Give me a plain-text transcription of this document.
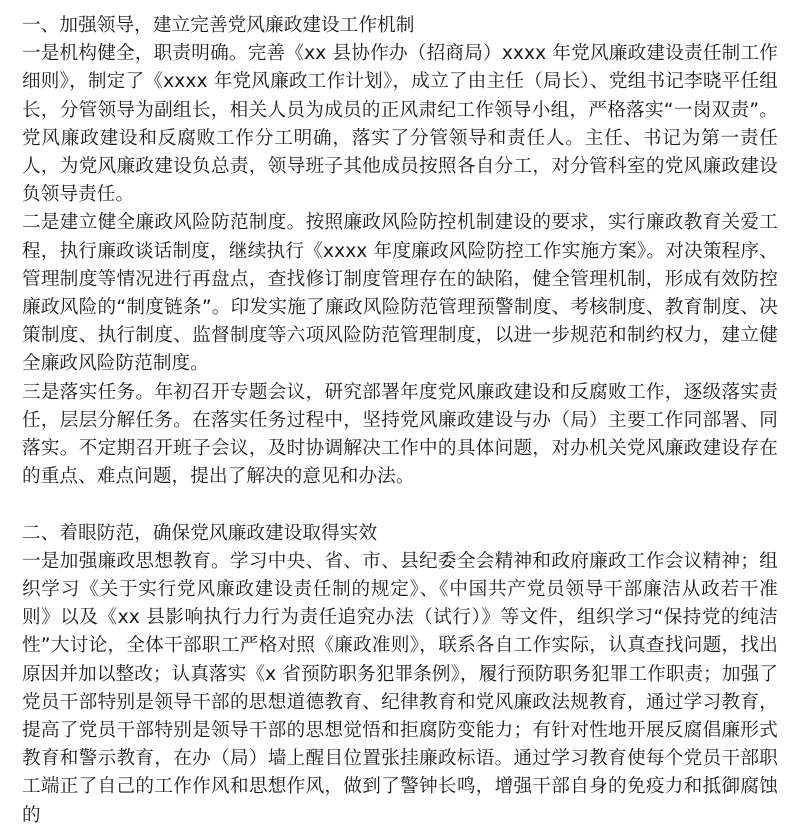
一、加强领导，建立完善党风廉政建设工作机制

一是机构健全，职责明确。完善《xx 县协作办（招商局）xxxx 年党风廉政建设责任制工作细则》，制定了《xxxx 年党风廉政工作计划》，成立了由主任（局长）、党组书记李晓平任组长，分管领导为副组长，相关人员为成员的正风肃纪工作领导小组，严格落实“一岗双责”。党风廉政建设和反腐败工作分工明确，落实了分管领导和责任人。主任、书记为第一责任人，为党风廉政建设负总责，领导班子其他成员按照各自分工，对分管科室的党风廉政建设负领导责任。

二是建立健全廉政风险防范制度。按照廉政风险防控机制建设的要求，实行廉政教育关爱工程，执行廉政谈话制度，继续执行《xxxx 年度廉政风险防控工作实施方案》。对决策程序、管理制度等情况进行再盘点，查找修订制度管理存在的缺陷，健全管理机制，形成有效防控廉政风险的“制度链条”。印发实施了廉政风险防范管理预警制度、考核制度、教育制度、决策制度、执行制度、监督制度等六项风险防范管理制度，以进一步规范和制约权力，建立健全廉政风险防范制度。

三是落实任务。年初召开专题会议，研究部署年度党风廉政建设和反腐败工作，逐级落实责任，层层分解任务。在落实任务过程中，坚持党风廉政建设与办（局）主要工作同部署、同落实。不定期召开班子会议，及时协调解决工作中的具体问题，对办机关党风廉政建设存在的重点、难点问题，提出了解决的意见和办法。

二、着眼防范，确保党风廉政建设取得实效

一是加强廉政思想教育。学习中央、省、市、县纪委全会精神和政府廉政工作会议精神；组织学习《关于实行党风廉政建设责任制的规定》、《中国共产党员领导干部廉洁从政若干准则》以及《xx 县影响执行力行为责任追究办法（试行）》等文件，组织学习“保持党的纯洁性”大讨论，全体干部职工严格对照《廉政准则》，联系各自工作实际，认真查找问题，找出原因并加以整改；认真落实《x 省预防职务犯罪条例》，履行预防职务犯罪工作职责；加强了党员干部特别是领导干部的思想道德教育、纪律教育和党风廉政法规教育，通过学习教育，提高了党员干部特别是领导干部的思想觉悟和拒腐防变能力；有针对性地开展反腐倡廉形式教育和警示教育，在办（局）墙上醒目位置张挂廉政标语。通过学习教育使每个党员干部职工端正了自己的工作作风和思想作风，做到了警钟长鸣，增强干部自身的免疫力和抵御腐蚀的
